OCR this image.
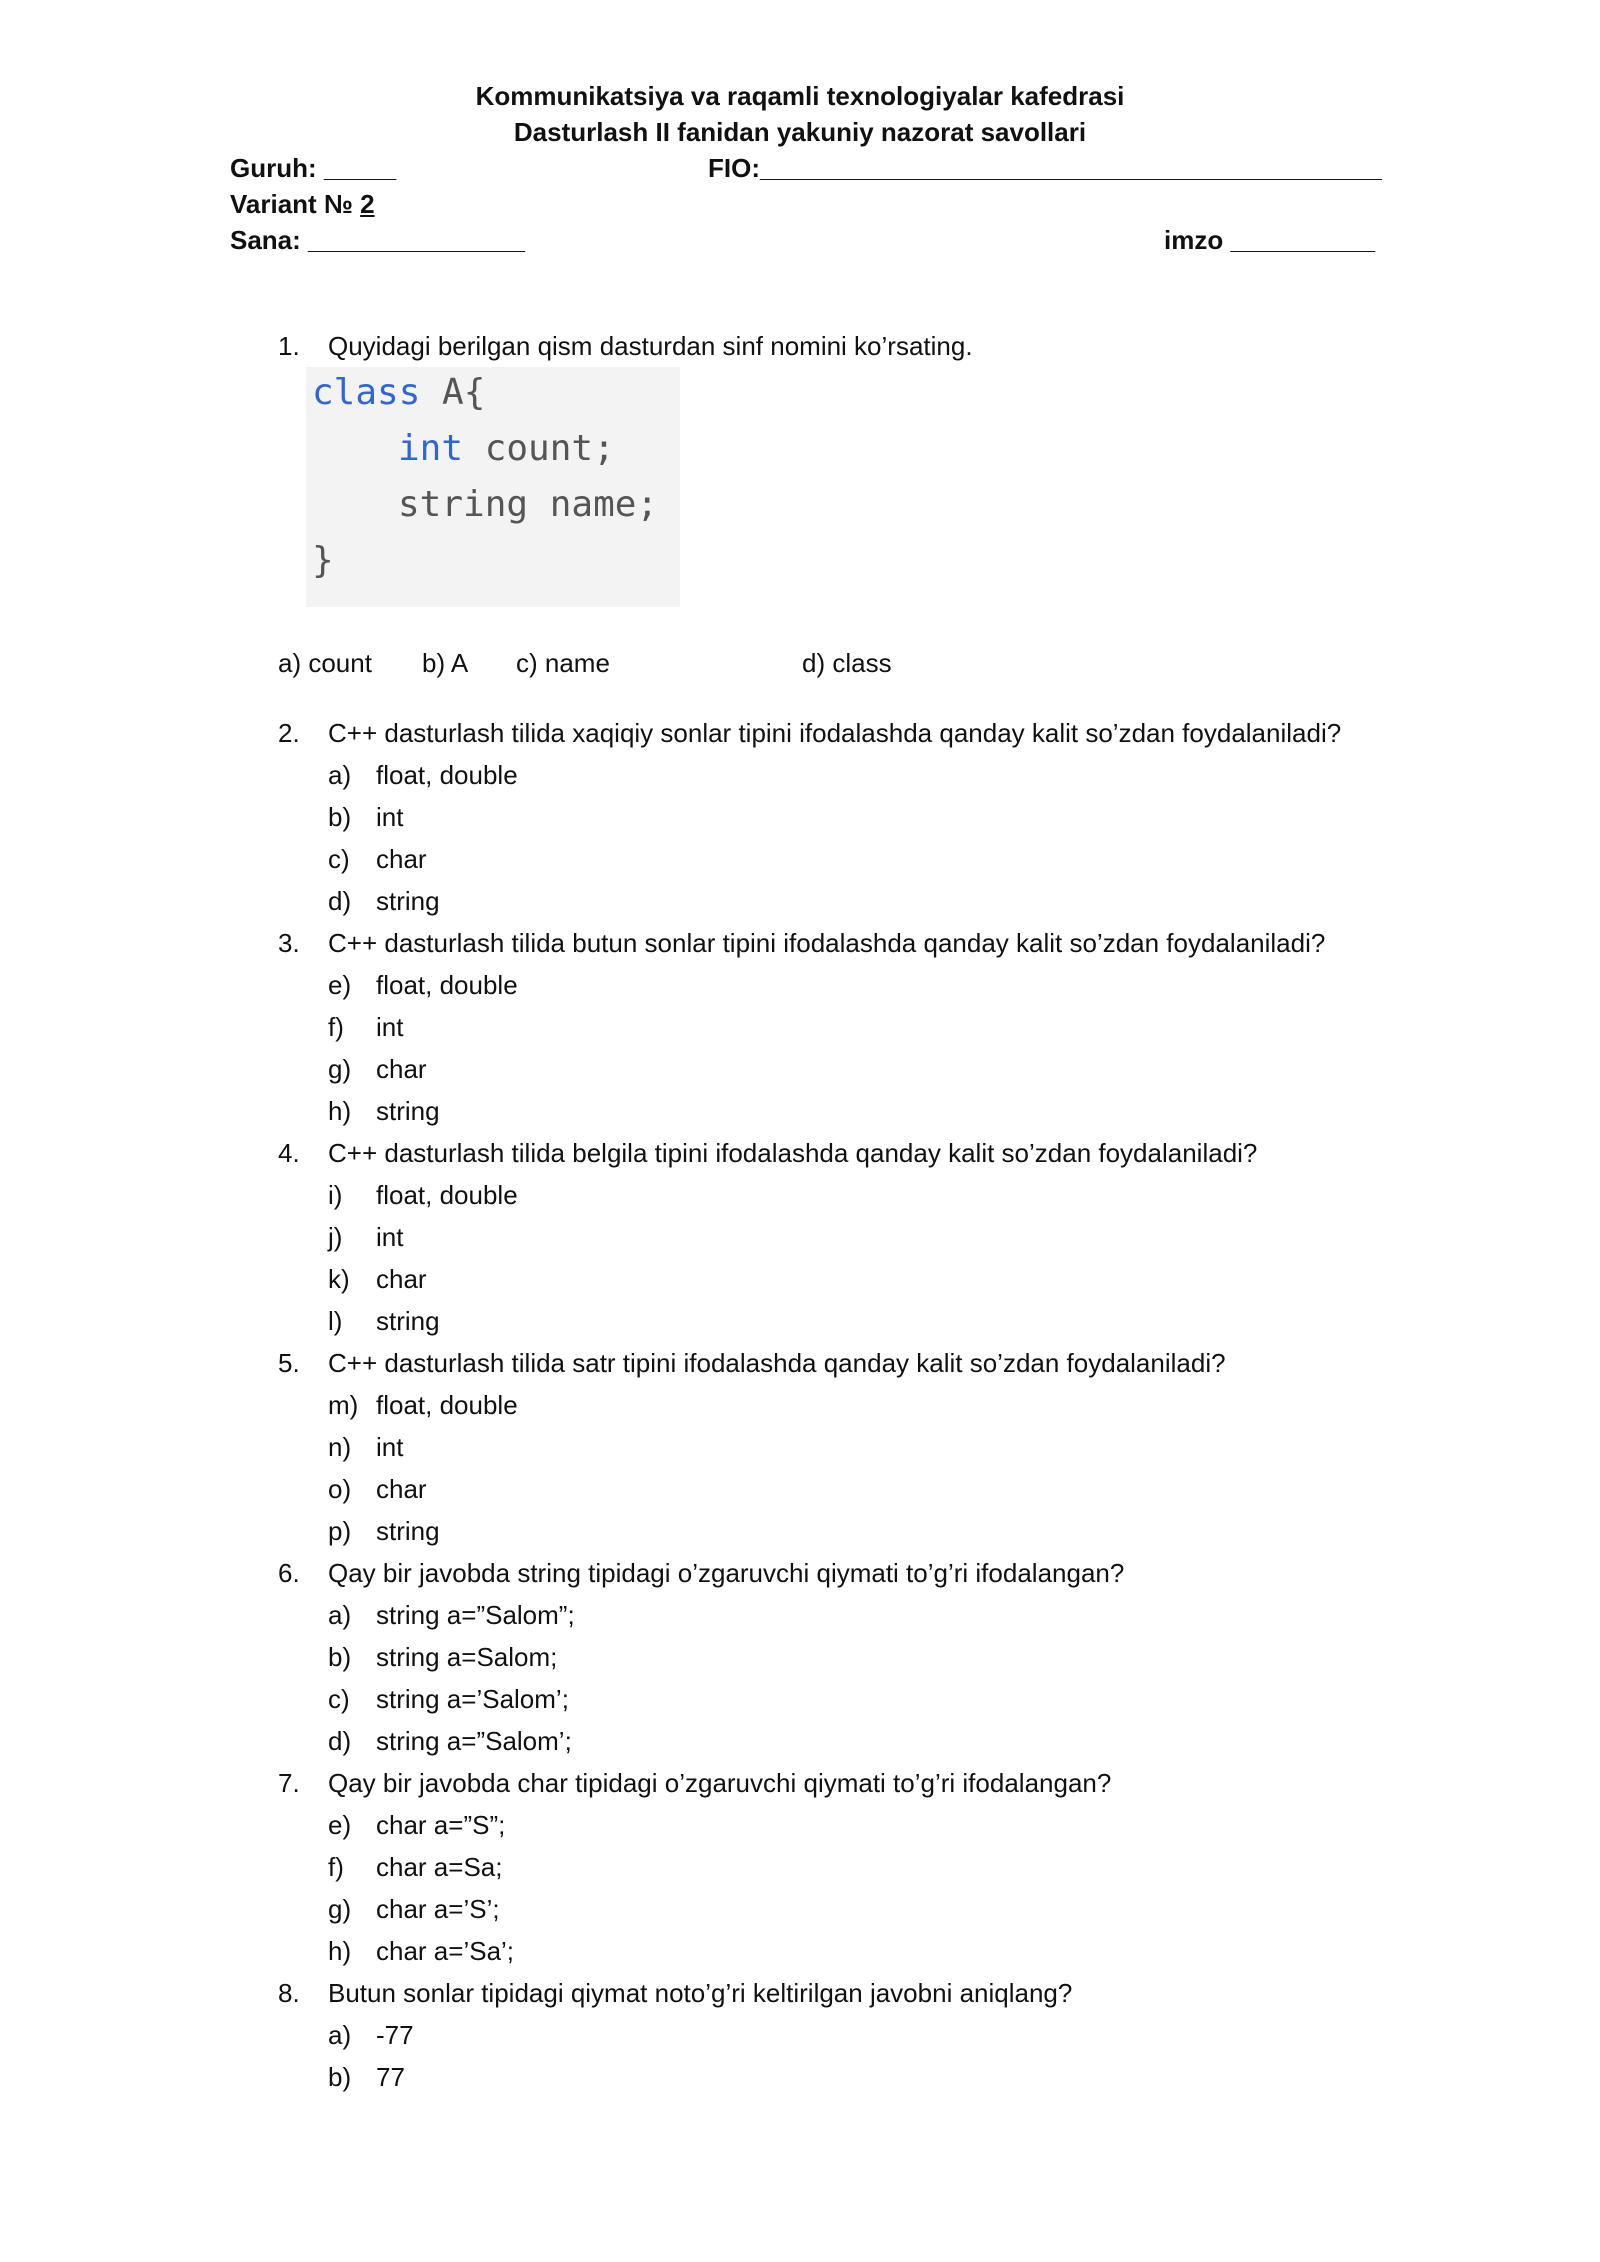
Kommunikatsiya va raqamli texnologiyalar kafedrasi
Dasturlash II fanidan yakuniy nazorat savollari
Guruh: _____	FIO:___________________________________________
Variant № 2
Sana: _______________	imzo __________
1. Quyidagi berilgan qism dasturdan sinf nomini ko’rsating.
class A{
int count;
string name;
}
a) count b) A c) name	d) class
2. C++ dasturlash tilida xaqiqiy sonlar tipini ifodalashda qanday kalit so’zdan foydalaniladi?
a) float, double
b) int
c) char
d) string
3. C++ dasturlash tilida butun sonlar tipini ifodalashda qanday kalit so’zdan foydalaniladi?
e) float, double
f) int
g) char
h) string
4. C++ dasturlash tilida belgila tipini ifodalashda qanday kalit so’zdan foydalaniladi?
i) float, double
j) int
k) char
l) string
5. C++ dasturlash tilida satr tipini ifodalashda qanday kalit so’zdan foydalaniladi?
m) float, double
n) int
o) char
p) string
6. Qay bir javobda string tipidagi o’zgaruvchi qiymati to’g’ri ifodalangan?
a) string a=”Salom”;
b) string a=Salom;
c) string a=’Salom’;
d) string a=”Salom’;
7. Qay bir javobda char tipidagi o’zgaruvchi qiymati to’g’ri ifodalangan?
e) char a=”S”;
f) char a=Sa;
g) char a=’S’;
h) char a=’Sa’;
8. Butun sonlar tipidagi qiymat noto’g’ri keltirilgan javobni aniqlang?
a) -77
b) 77
